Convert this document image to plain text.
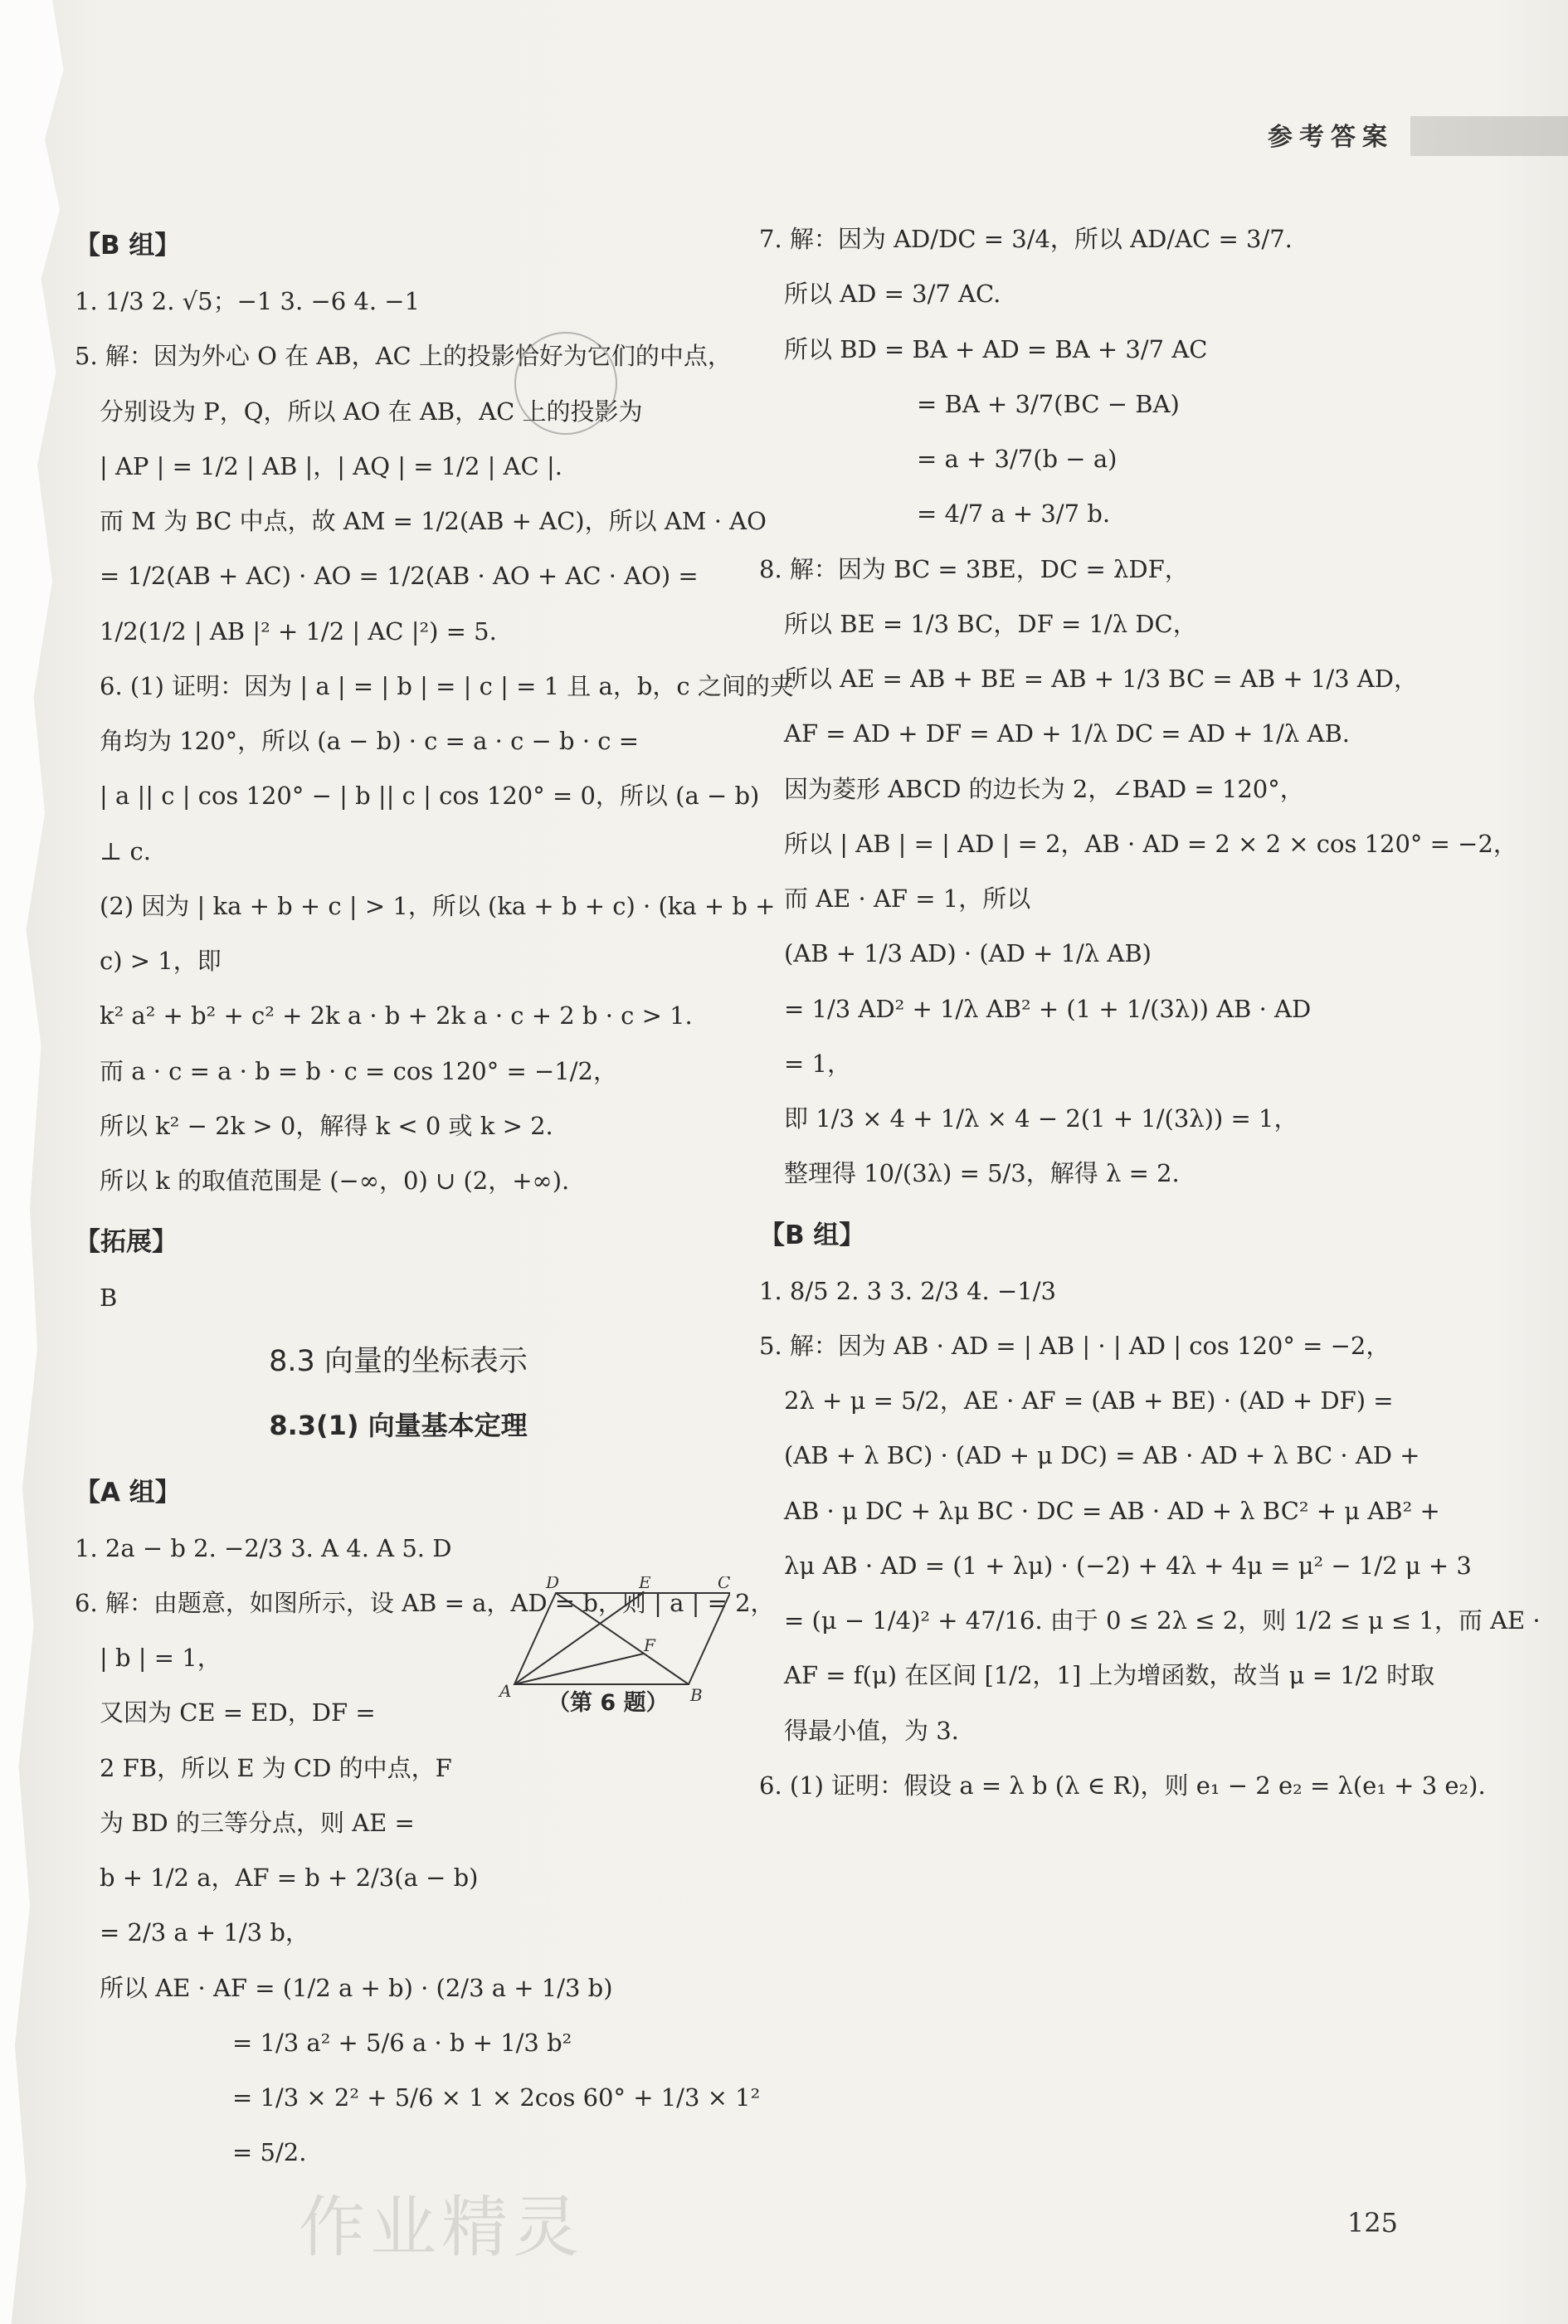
参考答案
【B 组】
1. 1/3 2. √5；−1 3. −6 4. −1
5. 解：因为外心 O 在 AB，AC 上的投影恰好为它们的中点，
分别设为 P，Q，所以 AO 在 AB，AC 上的投影为
| AP | = 1/2 | AB |，| AQ | = 1/2 | AC |.
而 M 为 BC 中点，故 AM = 1/2(AB + AC)，所以 AM · AO
= 1/2(AB + AC) · AO = 1/2(AB · AO + AC · AO) =
1/2(1/2 | AB |² + 1/2 | AC |²) = 5.
6. (1) 证明：因为 | a | = | b | = | c | = 1 且 a，b，c 之间的夹
角均为 120°，所以 (a − b) · c = a · c − b · c =
| a || c | cos 120° − | b || c | cos 120° = 0，所以 (a − b)
⊥ c.
(2) 因为 | ka + b + c | > 1，所以 (ka + b + c) · (ka + b +
c) > 1，即
k² a² + b² + c² + 2k a · b + 2k a · c + 2 b · c > 1.
而 a · c = a · b = b · c = cos 120° = −1/2，
所以 k² − 2k > 0，解得 k < 0 或 k > 2.
所以 k 的取值范围是 (−∞，0) ∪ (2，+∞).
【拓展】
B
8.3 向量的坐标表示
8.3(1) 向量基本定理
【A 组】
1. 2a − b 2. −2/3 3. A 4. A 5. D
6. 解：由题意，如图所示，设 AB = a，AD = b，则 | a | = 2，
| b | = 1，
又因为 CE = ED，DF =
2 FB，所以 E 为 CD 的中点，F
为 BD 的三等分点，则 AE =
b + 1/2 a，AF = b + 2/3(a − b)
= 2/3 a + 1/3 b，
所以 AE · AF = (1/2 a + b) · (2/3 a + 1/3 b)
= 1/3 a² + 5/6 a · b + 1/3 b²
= 1/3 × 2² + 5/6 × 1 × 2cos 60° + 1/3 × 1²
= 5/2.
7. 解：因为 AD/DC = 3/4，所以 AD/AC = 3/7.
所以 AD = 3/7 AC.
所以 BD = BA + AD = BA + 3/7 AC
= BA + 3/7(BC − BA)
= a + 3/7(b − a)
= 4/7 a + 3/7 b.
8. 解：因为 BC = 3BE，DC = λDF，
所以 BE = 1/3 BC，DF = 1/λ DC，
所以 AE = AB + BE = AB + 1/3 BC = AB + 1/3 AD，
AF = AD + DF = AD + 1/λ DC = AD + 1/λ AB.
因为菱形 ABCD 的边长为 2，∠BAD = 120°，
所以 | AB | = | AD | = 2，AB · AD = 2 × 2 × cos 120° = −2，
而 AE · AF = 1，所以
(AB + 1/3 AD) · (AD + 1/λ AB)
= 1/3 AD² + 1/λ AB² + (1 + 1/(3λ)) AB · AD
= 1，
即 1/3 × 4 + 1/λ × 4 − 2(1 + 1/(3λ)) = 1，
整理得 10/(3λ) = 5/3，解得 λ = 2.
【B 组】
1. 8/5 2. 3 3. 2/3 4. −1/3
5. 解：因为 AB · AD = | AB | · | AD | cos 120° = −2，
2λ + μ = 5/2，AE · AF = (AB + BE) · (AD + DF) =
(AB + λ BC) · (AD + μ DC) = AB · AD + λ BC · AD +
AB · μ DC + λμ BC · DC = AB · AD + λ BC² + μ AB² +
λμ AB · AD = (1 + λμ) · (−2) + 4λ + 4μ = μ² − 1/2 μ + 3
= (μ − 1/4)² + 47/16. 由于 0 ≤ 2λ ≤ 2，则 1/2 ≤ μ ≤ 1，而 AE ·
AF = f(μ) 在区间 [1/2，1] 上为增函数，故当 μ = 1/2 时取
得最小值，为 3.
6. (1) 证明：假设 a = λ b (λ ∈ R)，则 e₁ − 2 e₂ = λ(e₁ + 3 e₂).
D	E	C
F
A	B
（第 6 题）
作业精灵	125
